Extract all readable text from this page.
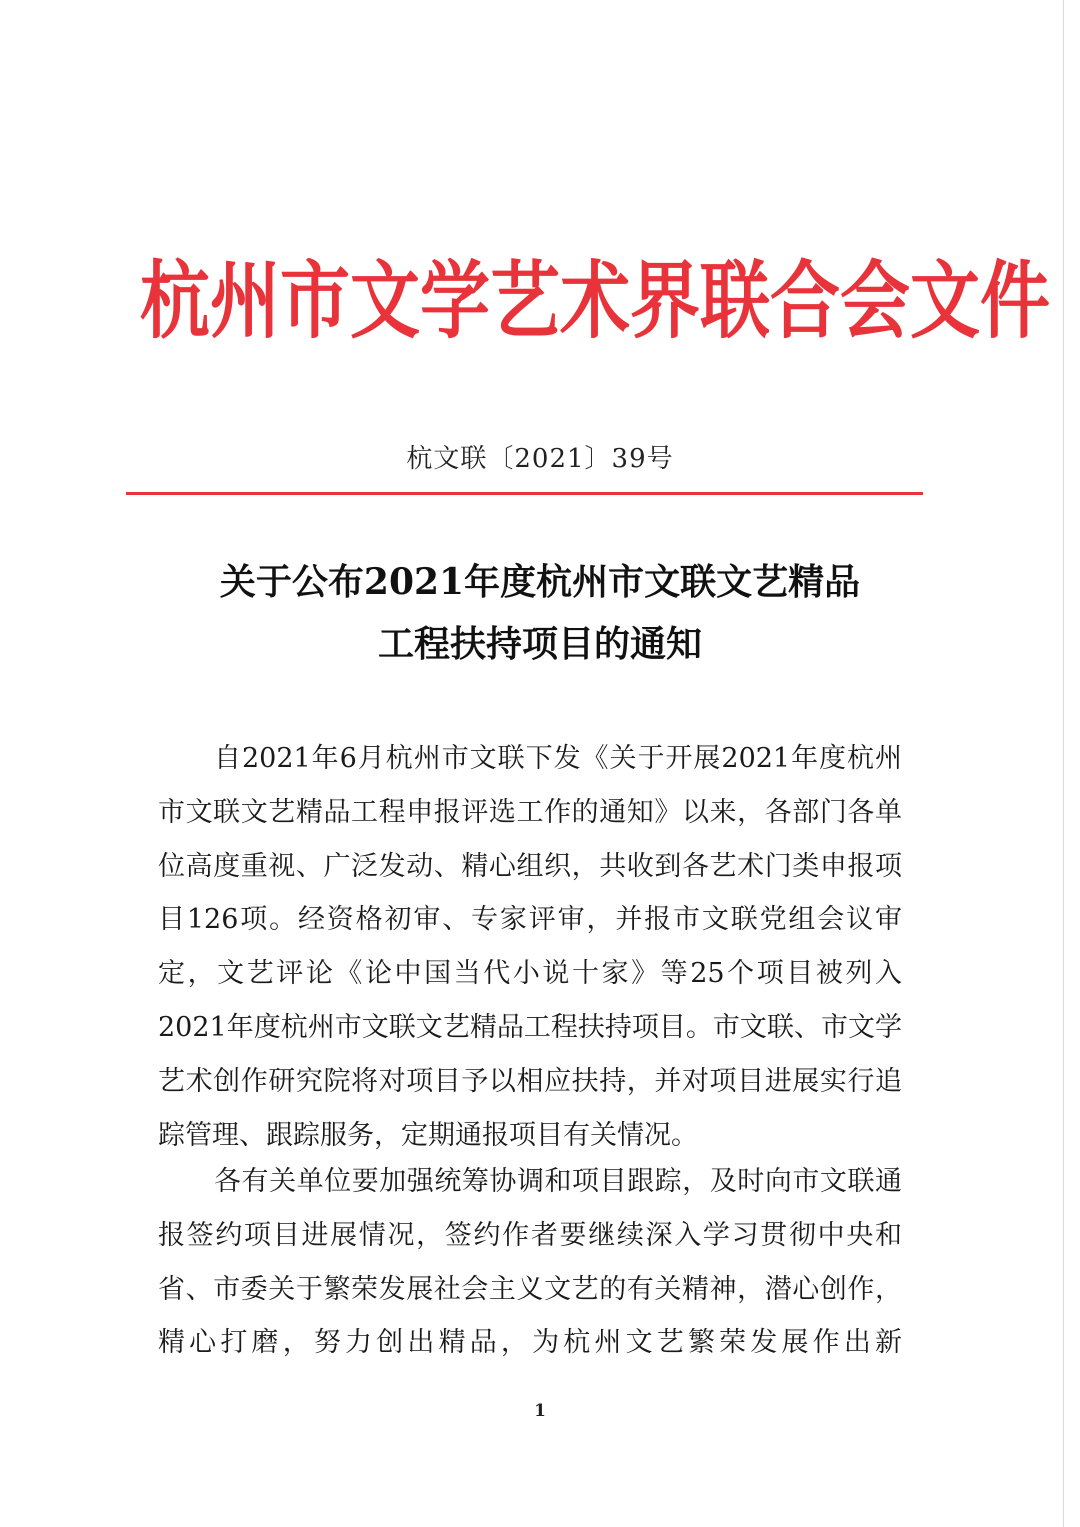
杭 州 市 文 学 艺 术 界 联 合 会 文 件
杭文联〔2021〕39号
关于公布2021年度杭州市文联文艺精品
工程扶持项目的通知

自2021年6月杭州市文联下发《关于开展2021年度杭州市文联文艺精品工程申报评选工作的通知》以来，各部门各单位高度重视、广泛发动、精心组织，共收到各艺术门类申报项目126项。经资格初审、专家评审，并报市文联党组会议审定，文艺评论《论中国当代小说十家》等25个项目被列入2021年度杭州市文联文艺精品工程扶持项目。市文联、市文学艺术创作研究院将对项目予以相应扶持，并对项目进展实行追踪管理、跟踪服务，定期通报项目有关情况。

各有关单位要加强统筹协调和项目跟踪，及时向市文联通报签约项目进展情况，签约作者要继续深入学习贯彻中央和省、市委关于繁荣发展社会主义文艺的有关精神，潜心创作，精心打磨，努力创出精品，为杭州文艺繁荣发展作出新

1
